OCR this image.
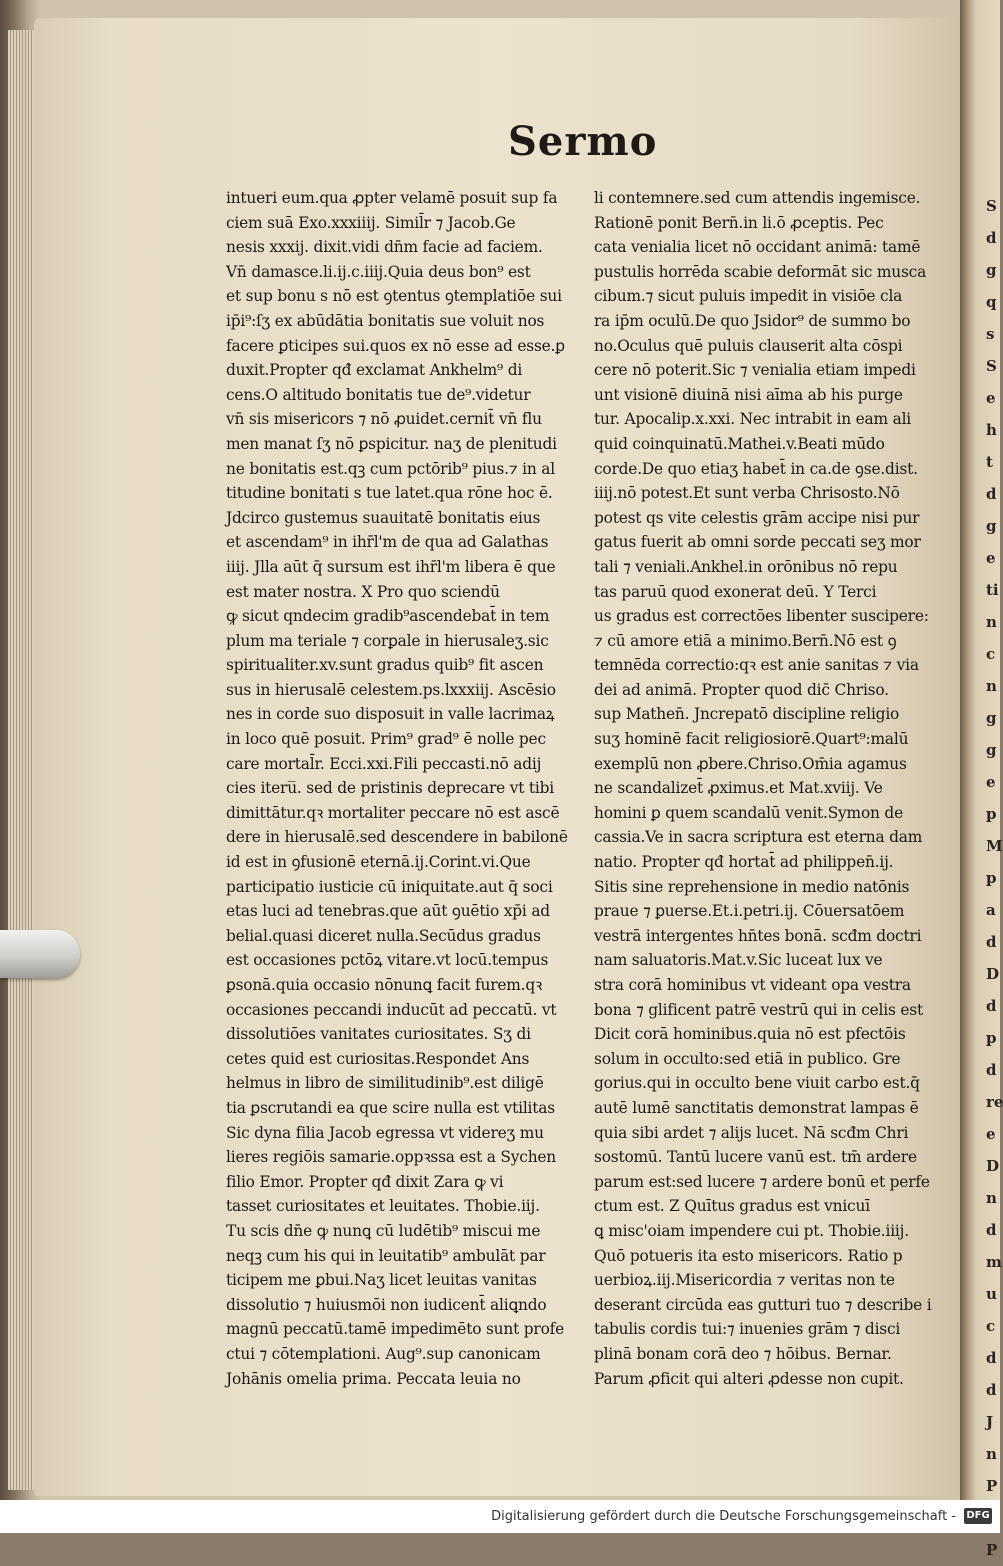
S
d
g
q
s
S
e
h
t
d
g
e
ti
n
c
n
g
g
e
p
M
p
a
d
D
d
p
d
re
e
D
n
d
m
u
c
d
d
J
n
P

P
Sermo
intueri eum.qua ꝓpter velamē posuit sup fa
ciem suā Exo.xxxiiij. Simil̄r ⁊ Jacob.Ge
nesis xxxij. dixit.vidi dn̄m facie ad faciem.
Vn̄ damasce.li.ij.c.iiij.Quia deus bon⁹ est
et sup bonu s nō est ꝯtentus ꝯtemplatiōe sui
ip̄i⁹:ſʒ ex abūdātia bonitatis sue voluit nos
facere ꝑticipes sui.quos ex nō esse ad esse.ꝑ
duxit.Propter qđ exclamat Ankhelm⁹ di
cens.O altitudo bonitatis tue de⁹.videtur
vn̄ sis misericors ⁊ nō ꝓuidet.cernit̄ vn̄ flu
men manat ſʒ nō ꝑspicitur. naʒ de plenitudi
ne bonitatis est.qꝫ cum pctōrib⁹ pius.⁊ in al
titudine bonitati s tue latet.qua rōne hoc ē.
Jdcirco gustemus suauitatē bonitatis eius
et ascendam⁹ in ihr̄l'm de qua ad Galathas
iiij. Jlla aūt q̄ sursum est ihr̄l'm libera ē que
est mater nostra. X Pro quo sciendū
ꝙ sicut qndecim gradib⁹ascendebat̄ in tem
plum ma teriale ⁊ corꝑale in hierusaleʒ.sic
spiritualiter.xv.sunt gradus quib⁹ fit ascen
sus in hierusalē celestem.ps.lxxxiij. Ascēsio
nes in corde suo disposuit in valle lacrimaꝝ
in loco quē posuit. Prim⁹ grad⁹ ē nolle pec
care mortal̄r. Ecci.xxi.Fili peccasti.nō adij
cies iteru̅. sed de pristinis deprecare vt tibi
dimittātur.qꝛ mortaliter peccare nō est ascē
dere in hierusalē.sed descendere in babilonē
id est in ꝯfusionē eternā.ij.Corint.vi.Que
participatio iusticie cū iniquitate.aut q̄ soci
etas luci ad tenebras.que aūt ꝯuētio xp̄i ad
belial.quasi diceret nulla.Secūdus gradus
est occasiones pctōꝝ vitare.vt locū.tempus
ꝑsonā.quia occasio nōnunꝗ facit furem.qꝛ
occasiones peccandi inducūt ad peccatū. vt
dissolutiōes vanitates curiositates. Sʒ di
cetes quid est curiositas.Respondet Ans
helmus in libro de similitudinib⁹.est diligē
tia ꝑscrutandi ea que scire nulla est vtilitas
Sic dyna filia Jacob egressa vt videreʒ mu
lieres regiōis samarie.oppꝛssa est a Sychen
filio Emor. Propter qđ dixit Zara ꝙ vi
tasset curiositates et leuitates. Thobie.iij.
Tu scis dn̄e ꝙ nunꝗ cū ludētib⁹ miscui me
neqꝫ cum his qui in leuitatib⁹ ambulāt par
ticipem me ꝑbui.Naʒ licet leuitas vanitas
dissolutio ⁊ huiusmōi non iudicent̄ aliꝗndo
magnū peccatū.tamē impedimēto sunt profe
ctui ⁊ cōtemplationi. Aug⁹.sup canonicam
Johānis omelia prima. Peccata leuia no
li contemnere.sed cum attendis ingemisce.
Rationē ponit Bern̄.in li.ō ꝓceptis. Pec
cata venialia licet nō occidant animā: tamē
pustulis horrēda scabie deformāt sic musca
cibum.⁊ sicut puluis impedit in visiōe cla
ra ip̄m oculū.De quo Jsidor⁹ de summo bo
no.Oculus quē puluis clauserit alta cōspi
cere nō poterit.Sic ⁊ venialia etiam impedi
unt visionē diuinā nisi aīma ab his purge
tur. Apocalip.x.xxi. Nec intrabit in eam ali
quid coinquinatū.Mathei.v.Beati mūdo
corde.De quo etiaʒ habet̄ in ca.de ꝯse.dist.
iiij.nō potest.Et sunt verba Chrisosto.Nō
potest qs vite celestis grām accipe nisi pur
gatus fuerit ab omni sorde peccati seʒ mor
tali ⁊ veniali.Ankhel.in orōnibus nō repu
tas paruū quod exonerat deū. Y Terci
us gradus est correctōes libenter suscipere:
⁊ cū amore etiā a minimo.Bern̄.Nō est ꝯ
temnēda correctio:qꝛ est anie sanitas ⁊ via
dei ad animā. Propter quod dic̄ Chriso.
sup Mathen̄. Jncrepatō discipline religio
suʒ hominē facit religiosiorē.Quart⁹:malū
exemplū non ꝓbere.Chriso.Om̄ia agamus
ne scandalizet̄ ꝓximus.et Mat.xviij. Ve
homini ꝑ quem scandalū venit.Symon de
cassia.Ve in sacra scriptura est eterna dam
natio. Propter qđ hortat̄ ad philippen̄.ij.
Sitis sine reprehensione in medio natōnis
praue ⁊ ꝑuerse.Et.i.petri.ij. Cōuersatōem
vestrā intergentes hn̄tes bonā. scđm doctri
nam saluatoris.Mat.v.Sic luceat lux ve
stra corā hominibus vt videant opa vestra
bona ⁊ glificent patrē vestrū qui in celis est
Dicit corā hominibus.quia nō est pfectōis
solum in occulto:sed etiā in publico. Gre
gorius.qui in occulto bene viuit carbo est.q̄
autē lumē sanctitatis demonstrat lampas ē
quia sibi ardet ⁊ alijs lucet. Nā scđm Chri
sostomū. Tantū lucere vanū est. tm̄ ardere
parum est:sed lucere ⁊ ardere bonū et perfe
ctum est. Z Quītus gradus est vnicuī
ꝗ misc'oiam impendere cui pt. Thobie.iiij.
Quō potueris ita esto misericors. Ratio p
uerbioꝝ.iij.Misericordia ⁊ veritas non te
deserant circūda eas gutturi tuo ⁊ describe i
tabulis cordis tui:⁊ inuenies grām ⁊ disci
plinā bonam corā deo ⁊ hōibus. Bernar.
Parum ꝓficit qui alteri ꝓdesse non cupit.
Digitalisierung gefördert durch die Deutsche Forschungsgemeinschaft - DFG
